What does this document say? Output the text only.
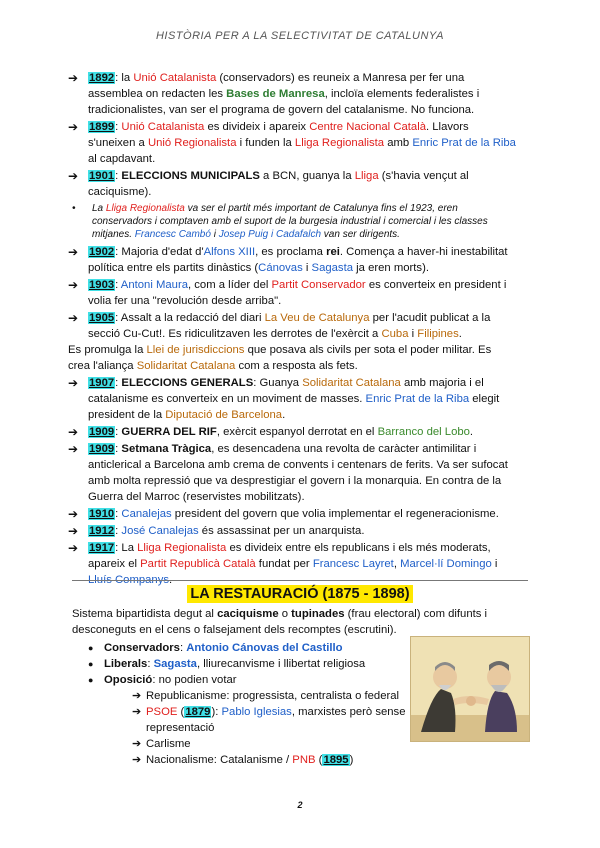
HISTÒRIA PER A LA SELECTIVITAT DE CATALUNYA
➔ 1892: la Unió Catalanista (conservadors) es reuneix a Manresa per fer una assemblea on redacten les Bases de Manresa, incloïa elements federalistes i tradicionalistes, van ser el programa de govern del catalanisme. No funciona.
➔ 1899: Unió Catalanista es divideix i apareix Centre Nacional Català. Llavors s'uneixen a Unió Regionalista i funden la Lliga Regionalista amb Enric Prat de la Riba al capdavant.
➔ 1901: ELECCIONS MUNICIPALS a BCN, guanya la Lliga (s'havia vençut al caciquisme).
• La Lliga Regionalista va ser el partit més important de Catalunya fins el 1923, eren conservadors i comptaven amb el suport de la burgesia industrial i comercial i les classes mitjanes. Francesc Cambó i Josep Puig i Cadafalch van ser dirigents.
➔ 1902: Majoria d'edat d'Alfons XIII, es proclama rei. Comença a haver-hi inestabilitat política entre els partits dinàstics (Cánovas i Sagasta ja eren morts).
➔ 1903: Antoni Maura, com a líder del Partit Conservador es converteix en president i volia fer una "revolución desde arriba".
➔ 1905: Assalt a la redacció del diari La Veu de Catalunya per l'acudit publicat a la secció Cu-Cut!. Es ridiculitzaven les derrotes de l'exèrcit a Cuba i Filipines.
Es promulga la Llei de jurisdiccions que posava als civils per sota el poder militar. Es crea l'aliança Solidaritat Catalana com a resposta als fets.
➔ 1907: ELECCIONS GENERALS: Guanya Solidaritat Catalana amb majoria i el catalanisme es converteix en un moviment de masses. Enric Prat de la Riba elegit president de la Diputació de Barcelona.
➔ 1909: GUERRA DEL RIF, exèrcit espanyol derrotat en el Barranco del Lobo.
➔ 1909: Setmana Tràgica, es desencadena una revolta de caràcter antimilitar i anticlerical a Barcelona amb crema de convents i centenars de ferits. Va ser sufocat amb molta repressió que va desprestigiar el govern i la monarquia. En contra de la Guerra del Marroc (reservistes mobilitzats).
➔ 1910: Canalejas president del govern que volia implementar el regeneracionisme.
➔ 1912: José Canalejas és assassinat per un anarquista.
➔ 1917: La Lliga Regionalista es divideix entre els republicans i els més moderats, apareix el Partit Republicà Català fundat per Francesc Layret, Marcel·lí Domingo i Lluís Companys.
LA RESTAURACIÓ (1875 - 1898)

Sistema bipartidista degut al caciquisme o tupinades (frau electoral) com difunts i desconeguts en el cens o falsejament dels recomptes (escrutini).

● Conservadors: Antonio Cánovas del Castillo
● Liberals: Sagasta, lliurecanvisme i llibertat religiosa
● Oposició: no podien votar
➔ Republicanisme: progressista, centralista o federal
➔ PSOE (1879): Pablo Iglesias, marxistes però sense representació
➔ Carlisme
➔ Nacionalisme: Catalanisme / PNB (1895)
2
